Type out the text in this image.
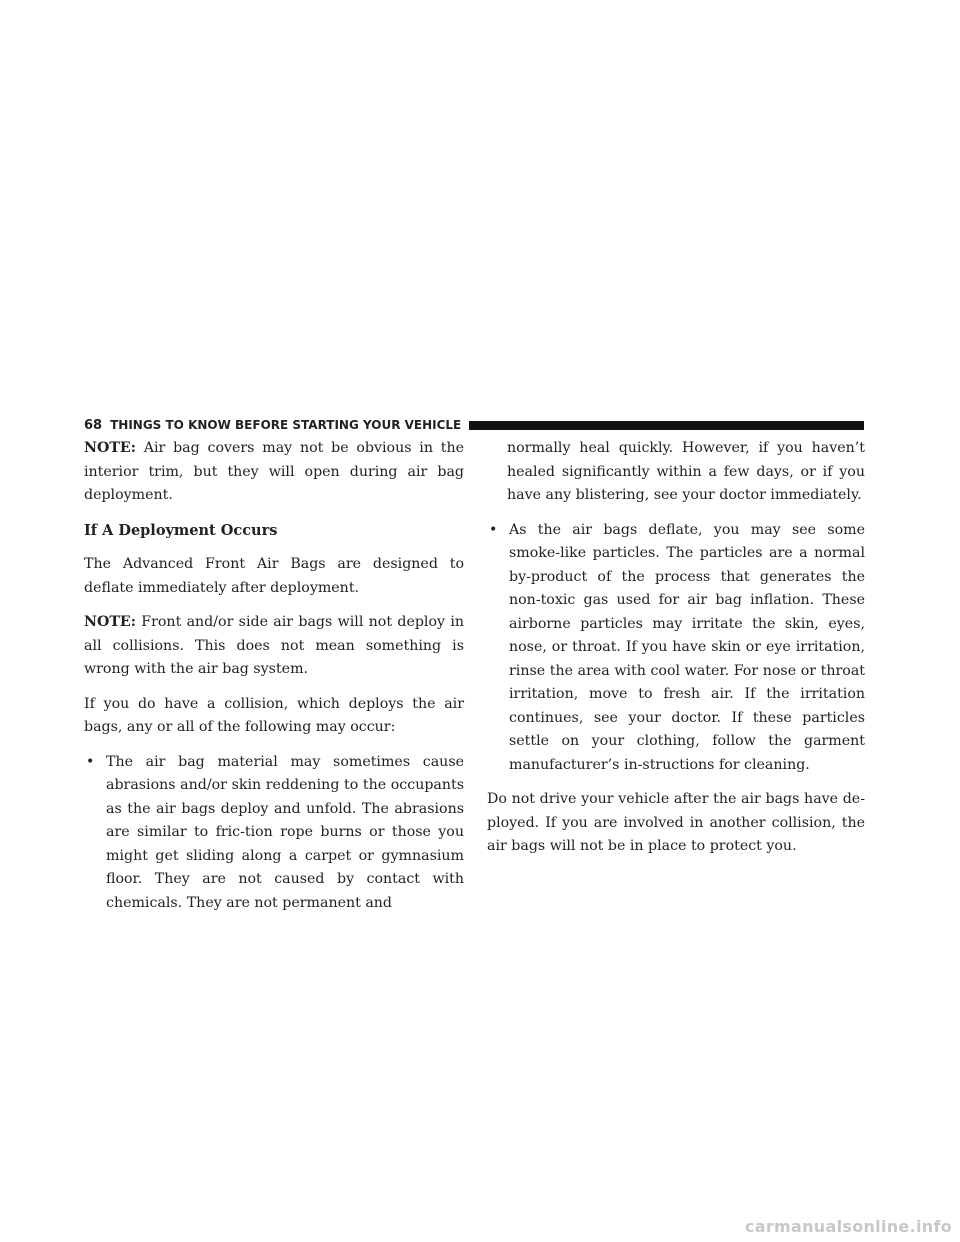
68 THINGS TO KNOW BEFORE STARTING YOUR VEHICLE

NOTE: Air bag covers may not be obvious in the interior trim, but they will open during air bag deployment.

If A Deployment Occurs

The Advanced Front Air Bags are designed to deflate immediately after deployment.

NOTE: Front and/or side air bags will not deploy in all collisions. This does not mean something is wrong with the air bag system.

If you do have a collision, which deploys the air bags, any or all of the following may occur:

• The air bag material may sometimes cause abrasions and/or skin reddening to the occupants as the air bags deploy and unfold. The abrasions are similar to fric-tion rope burns or those you might get sliding along a carpet or gymnasium floor. They are not caused by contact with chemicals. They are not permanent and
normally heal quickly. However, if you haven’t healed significantly within a few days, or if you have any blistering, see your doctor immediately.
• As the air bags deflate, you may see some smoke-like particles. The particles are a normal by-product of the process that generates the non-toxic gas used for air bag inflation. These airborne particles may irritate the skin, eyes, nose, or throat. If you have skin or eye irritation, rinse the area with cool water. For nose or throat irritation, move to fresh air. If the irritation continues, see your doctor. If these particles settle on your clothing, follow the garment manufacturer’s in-structions for cleaning.

Do not drive your vehicle after the air bags have de-ployed. If you are involved in another collision, the air bags will not be in place to protect you.

carmanualsonline.info
